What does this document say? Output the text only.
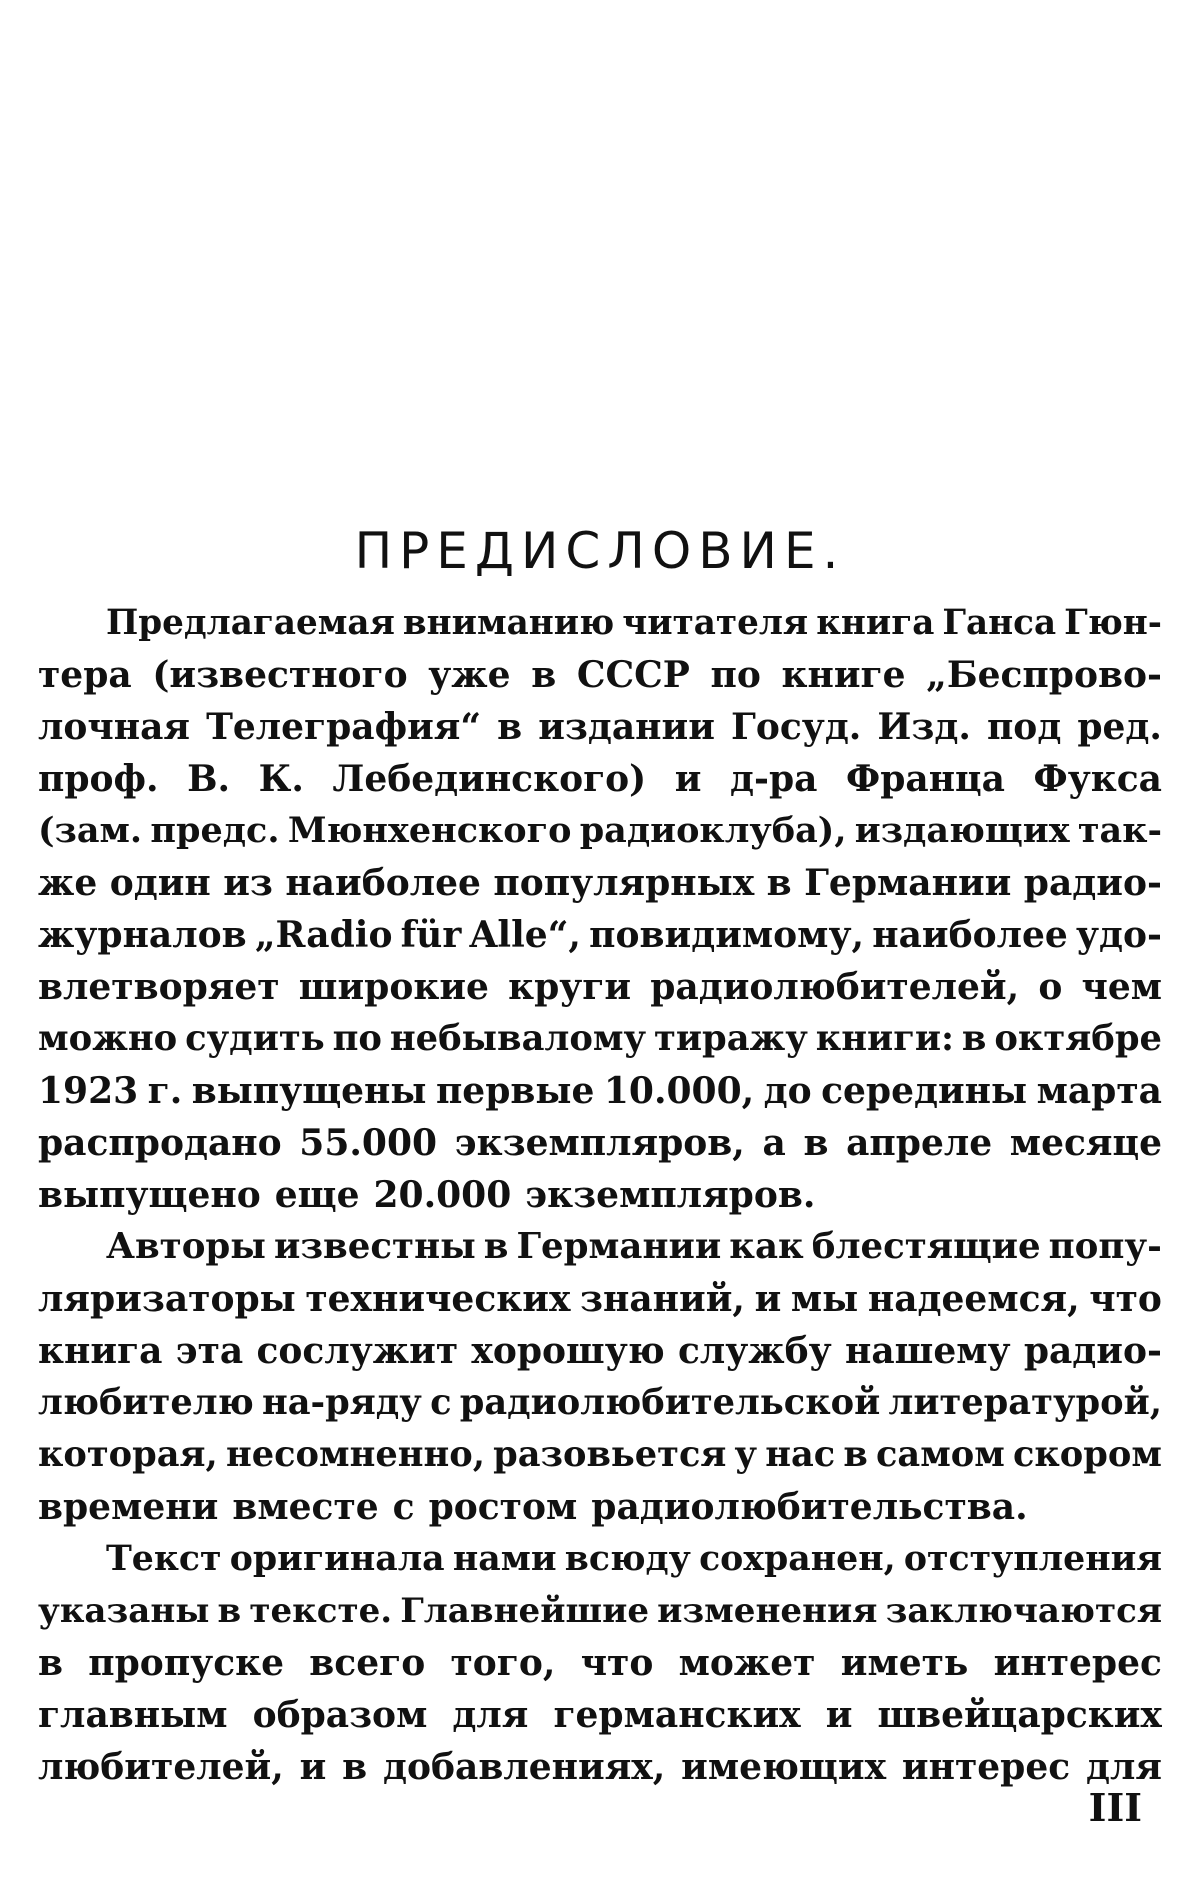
ПРЕДИСЛОВИЕ.
Предлагаемая вниманию читателя книга Ганса Гюн-
тера (известного уже в СССР по книге „Беспрово-
лочная Телеграфия“ в издании Госуд. Изд. под ред.
проф. В. К. Лебединского) и д-ра Франца Фукса
(зам. предс. Мюнхенского радиоклуба), издающих так-
же один из наиболее популярных в Германии радио-
журналов „Radio für Alle“, повидимому, наиболее удо-
влетворяет широкие круги радиолюбителей, о чем
можно судить по небывалому тиражу книги: в октябре
1923 г. выпущены первые 10.000, до середины марта
распродано 55.000 экземпляров, а в апреле месяце
выпущено еще 20.000 экземпляров.
Авторы известны в Германии как блестящие попу-
ляризаторы технических знаний, и мы надеемся, что
книга эта сослужит хорошую службу нашему радио-
любителю на-ряду с радиолюбительской литературой,
которая, несомненно, разовьется у нас в самом скором
времени вместе с ростом радиолюбительства.
Текст оригинала нами всюду сохранен, отступления
указаны в тексте. Главнейшие изменения заключаются
в пропуске всего того, что может иметь интерес
главным образом для германских и швейцарских
любителей, и в добавлениях, имеющих интерес для
III
